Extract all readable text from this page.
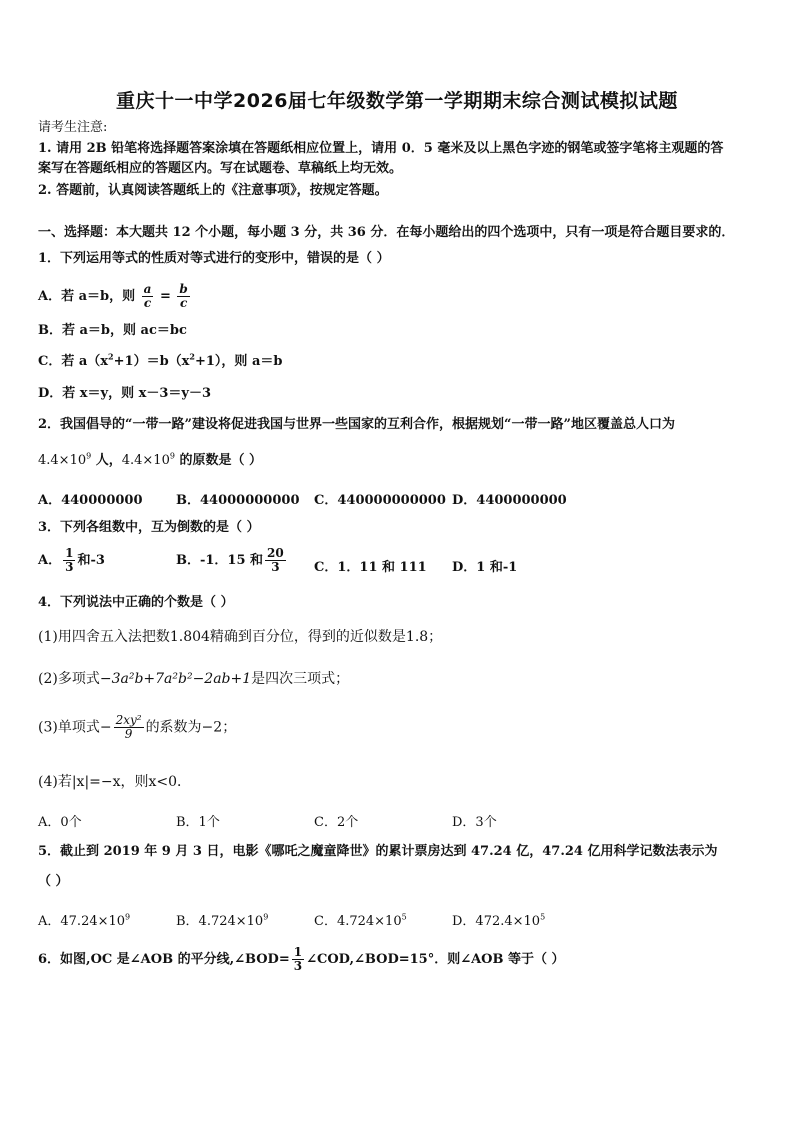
重庆十一中学2026届七年级数学第一学期期末综合测试模拟试题
请考生注意:
1. 请用 2B 铅笔将选择题答案涂填在答题纸相应位置上，请用 0．5 毫米及以上黑色字迹的钢笔或签字笔将主观题的答
案写在答题纸相应的答题区内。写在试题卷、草稿纸上均无效。
2. 答题前，认真阅读答题纸上的《注意事项》，按规定答题。
一、选择题：本大题共 12 个小题，每小题 3 分，共 36 分．在每小题给出的四个选项中，只有一项是符合题目要求的．
1．下列运用等式的性质对等式进行的变形中，错误的是（ ）
A．若 a＝b，则 $\frac{a}{c} = \frac{b}{c}$
B．若 a＝b，则 ac＝bc
C．若 $a(x^2+1)=b(x^2+1)$，则 a＝b
D．若 x＝y，则 x－3＝y－3
2．我国倡导的“一带一路”建设将促进我国与世界一些国家的互利合作，根据规划“一带一路”地区覆盖总人口为
$4.4\times 10^9$ 人，$4.4\times 10^9$ 的原数是（ ）
A．440000000	B．44000000000 C．440000000000 D．4400000000
3．下列各组数中，互为倒数的是（ ）
A． $\frac{1}{3}$ 和-3	B．-1．15 和 $\frac{20}{3}$ C．1．11 和 111 D．1 和-1
4．下列说法中正确的个数是（ ）
(1)用四舍五入法把数1.804精确到百分位，得到的近似数是1.8；
(2)多项式−3a²b+7a²b²−2ab+1是四次三项式；
(3)单项式− $\frac{\text{2xy²}}{9}$ 的系数为−2；
(4)若|x|=−x，则x<0．
A．0个	B．1个	C．2个	D．3个
5．截止到 2019 年 9 月 3 日，电影《哪吒之魔童降世》的累计票房达到 47.24 亿，47.24 亿用科学记数法表示为
（ ）
A．$47.24\times 10^9$	B．$4.724\times 10^9$	C．$4.724\times 10^5$	D．$472.4\times 10^5$
6．如图,OC 是∠AOB 的平分线,∠BOD= $\frac{1}{3}$ ∠COD,∠BOD=15°．则∠AOB 等于（ ）
